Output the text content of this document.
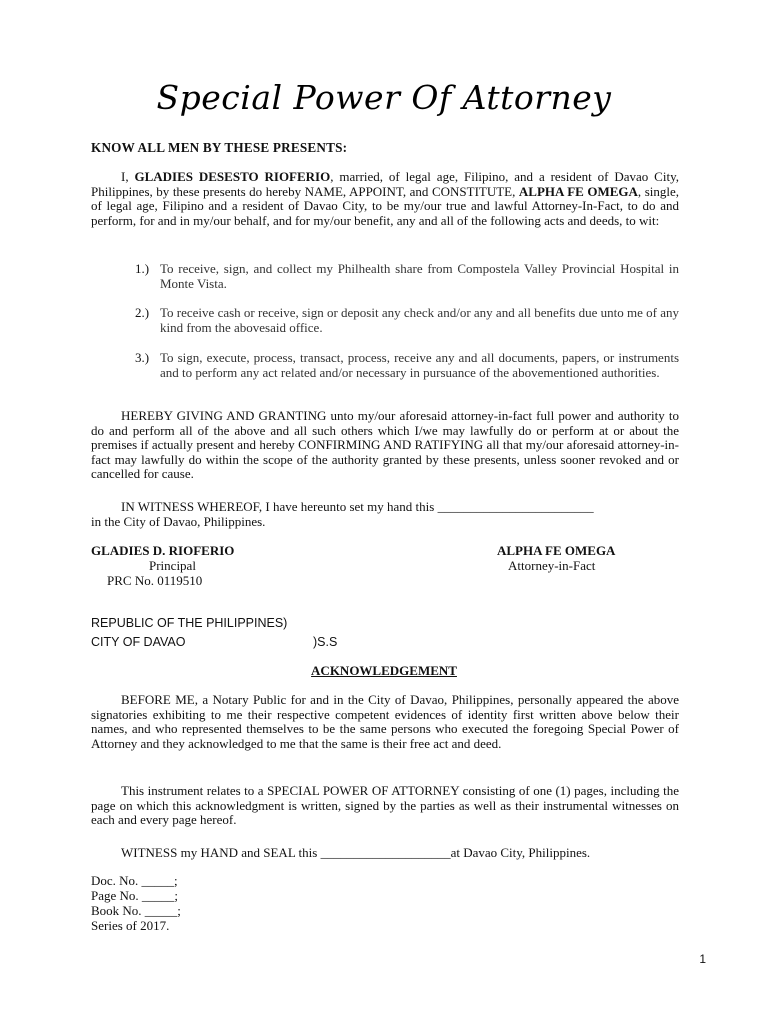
Special Power Of Attorney
KNOW ALL MEN BY THESE PRESENTS:
I, GLADIES DESESTO RIOFERIO, married, of legal age, Filipino, and a resident of Davao City, Philippines, by these presents do hereby NAME, APPOINT, and CONSTITUTE, ALPHA FE OMEGA, single, of legal age, Filipino and a resident of Davao City, to be my/our true and lawful Attorney-In-Fact, to do and perform, for and in my/our behalf, and for my/our benefit, any and all of the following acts and deeds, to wit:
1.) To receive, sign, and collect my Philhealth share from Compostela Valley Provincial Hospital in Monte Vista.
2.) To receive cash or receive, sign or deposit any check and/or any and all benefits due unto me of any kind from the abovesaid office.
3.) To sign, execute, process, transact, process, receive any and all documents, papers, or instruments and to perform any act related and/or necessary in pursuance of the abovementioned authorities.
HEREBY GIVING AND GRANTING unto my/our aforesaid attorney-in-fact full power and authority to do and perform all of the above and all such others which I/we may lawfully do or perform at or about the premises if actually present and hereby CONFIRMING AND RATIFYING all that my/our aforesaid attorney-in-fact may lawfully do within the scope of the authority granted by these presents, unless sooner revoked and or cancelled for cause.
IN WITNESS WHEREOF, I have hereunto set my hand this ________________________
in the City of Davao, Philippines.
GLADIES D. RIOFERIO
Principal
PRC No. 0119510
ALPHA FE OMEGA
Attorney-in-Fact
REPUBLIC OF THE PHILIPPINES)
CITY OF DAVAO	)S.S
ACKNOWLEDGEMENT
BEFORE ME, a Notary Public for and in the City of Davao, Philippines, personally appeared the above signatories exhibiting to me their respective competent evidences of identity first written above below their names, and who represented themselves to be the same persons who executed the foregoing Special Power of Attorney and they acknowledged to me that the same is their free act and deed.
This instrument relates to a SPECIAL POWER OF ATTORNEY consisting of one (1) pages, including the page on which this acknowledgment is written, signed by the parties as well as their instrumental witnesses on each and every page hereof.
WITNESS my HAND and SEAL this ____________________at Davao City, Philippines.
Doc. No. _____;
Page No. _____;
Book No. _____;
Series of 2017.
1
